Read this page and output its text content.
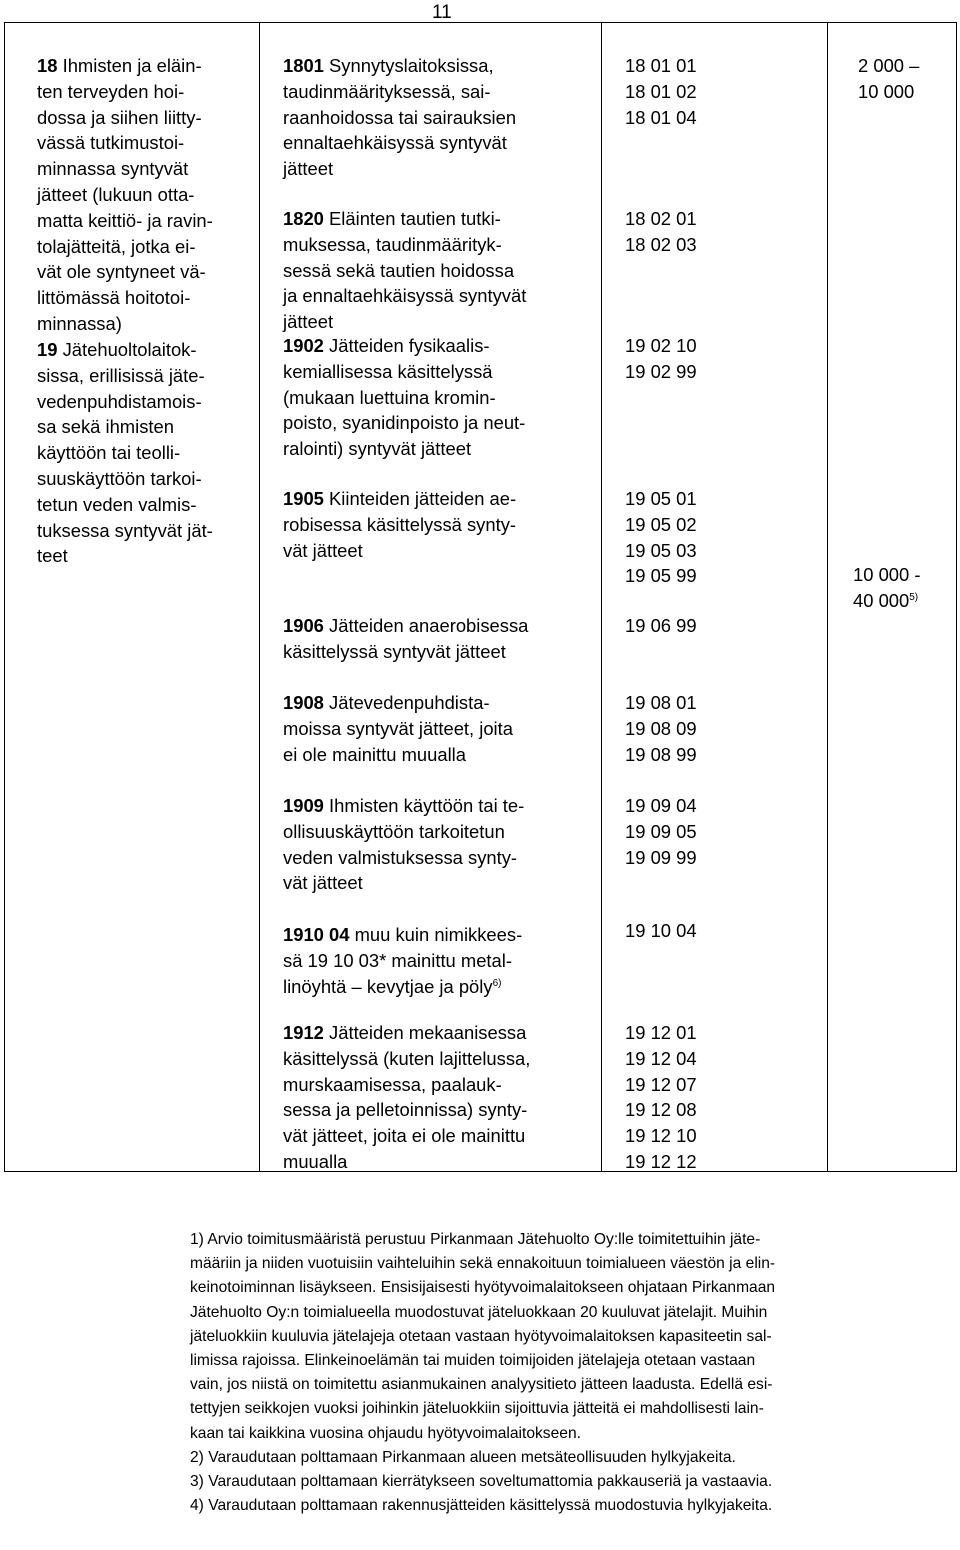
11
18 Ihmisten ja eläin-
ten terveyden hoi-
dossa ja siihen liitty-
vässä tutkimustoi-
minnassa syntyvät
jätteet (lukuun otta-
matta keittiö- ja ravin-
tolajätteitä, jotka ei-
vät ole syntyneet vä-
littömässä hoitotoi-
minnassa)
19 Jätehuoltolaitok-
sissa, erillisissä jäte-
vedenpuhdistamois-
sa sekä ihmisten
käyttöön tai teolli-
suuskäyttöön tarkoi-
tetun veden valmis-
tuksessa syntyvät jät-
teet
1801 Synnytyslaitoksissa,
taudinmäärityksessä, sai-
raanhoidossa tai sairauksien
ennaltaehkäisyssä syntyvät
jätteet
1820 Eläinten tautien tutki-
muksessa, taudinmäärityk-
sessä sekä tautien hoidossa
ja ennaltaehkäisyssä syntyvät
jätteet
1902 Jätteiden fysikaalis-
kemiallisessa käsittelyssä
(mukaan luettuina kromin-
poisto, syanidinpoisto ja neut-
ralointi) syntyvät jätteet
1905 Kiinteiden jätteiden ae-
robisessa käsittelyssä synty-
vät jätteet
1906 Jätteiden anaerobisessa
käsittelyssä syntyvät jätteet
1908 Jätevedenpuhdista-
moissa syntyvät jätteet, joita
ei ole mainittu muualla
1909 Ihmisten käyttöön tai te-
ollisuuskäyttöön tarkoitetun
veden valmistuksessa synty-
vät jätteet
1910 04 muu kuin nimikkees-
sä 19 10 03* mainittu metal-
linöyhtä – kevytjae ja pöly$^{6)}$
1912 Jätteiden mekaanisessa
käsittelyssä (kuten lajittelussa,
murskaamisessa, paalauk-
sessa ja pelletoinnissa) synty-
vät jätteet, joita ei ole mainittu
muualla
18 01 01
18 01 02
18 01 04
18 02 01
18 02 03
19 02 10
19 02 99
19 05 01
19 05 02
19 05 03
19 05 99
19 06 99
19 08 01
19 08 09
19 08 99
19 09 04
19 09 05
19 09 99
19 10 04
19 12 01
19 12 04
19 12 07
19 12 08
19 12 10
19 12 12
2 000 –
10 000
10 000 -
40 000$^{5)}$
1) Arvio toimitusmääristä perustuu Pirkanmaan Jätehuolto Oy:lle toimitettuihin jäte-
määriin ja niiden vuotuisiin vaihteluihin sekä ennakoituun toimialueen väestön ja elin-
keinotoiminnan lisäykseen. Ensisijaisesti hyötyvoimalaitokseen ohjataan Pirkanmaan
Jätehuolto Oy:n toimialueella muodostuvat jäteluokkaan 20 kuuluvat jätelajit. Muihin
jäteluokkiin kuuluvia jätelajeja otetaan vastaan hyötyvoimalaitoksen kapasiteetin sal-
limissa rajoissa. Elinkeinoelämän tai muiden toimijoiden jätelajeja otetaan vastaan
vain, jos niistä on toimitettu asianmukainen analyysitieto jätteen laadusta. Edellä esi-
tettyjen seikkojen vuoksi joihinkin jäteluokkiin sijoittuvia jätteitä ei mahdollisesti lain-
kaan tai kaikkina vuosina ohjaudu hyötyvoimalaitokseen.
2) Varaudutaan polttamaan Pirkanmaan alueen metsäteollisuuden hylkyjakeita.
3) Varaudutaan polttamaan kierrätykseen soveltumattomia pakkauseriä ja vastaavia.
4) Varaudutaan polttamaan rakennusjätteiden käsittelyssä muodostuvia hylkyjakeita.
